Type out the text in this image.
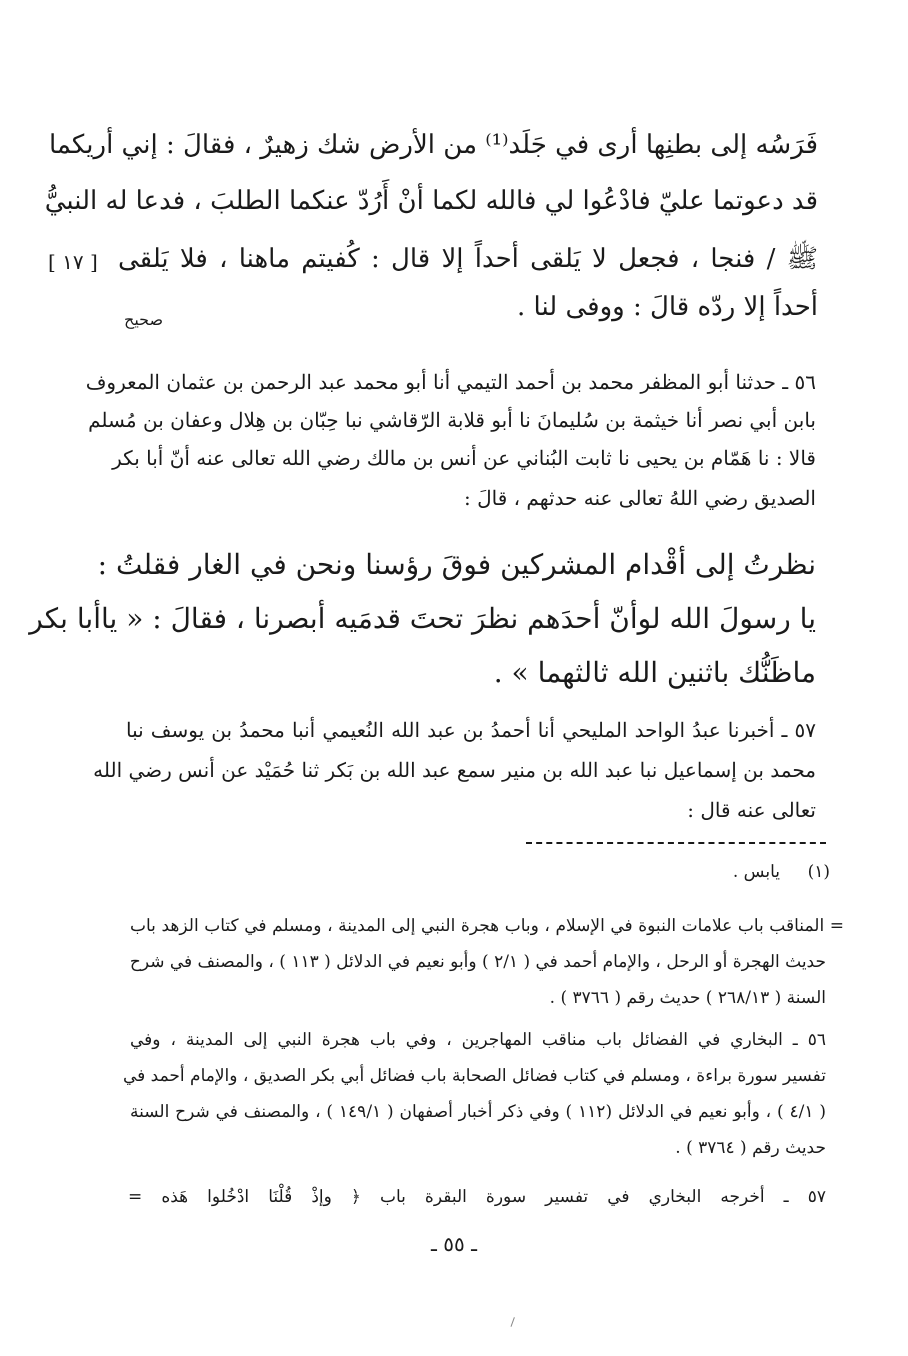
فَرَسُه إلى بطنِها أرى في جَلَد⁽¹⁾ من الأرض شك زهيرٌ ، فقالَ : إني أريكما
قد دعوتما عليّ فادْعُوا لي فالله لكما أنْ أَرُدّ عنكما الطلبَ ، فدعا له النبيُّ
ﷺ / فنجا ، فجعل لا يَلقى أحداً إلا قال : كُفيتم ماهنا ، فلا يَلقى
أحداً إلا ردّه قالَ : ووفى لنا .
[ ١٧ ]
صحيح
٥٦ ـ حدثنا أبو المظفر محمد بن أحمد التيمي أنا أبو محمد عبد الرحمن بن عثمان المعروف
بابن أبي نصر أنا خيثمة بن سُليمانَ نا أبو قلابة الرّقاشي نبا حِبّان بن هِلال وعفان بن مُسلم
قالا : نا هَمّام بن يحيى نا ثابت البُناني عن أنس بن مالك رضي الله تعالى عنه أنّ أبا بكر
الصديق رضي اللهُ تعالى عنه حدثهم ، قالَ :
نظرتُ إلى أقْدام المشركين فوقَ رؤسنا ونحن في الغار فقلتُ :
يا رسولَ الله لوأنّ أحدَهم نظرَ تحتَ قدمَيه أبصرنا ، فقالَ : « ياأبا بكر
ماظَنُّك باثنين الله ثالثهما » .
٥٧ ـ أخبرنا عبدُ الواحد المليحي أنا أحمدُ بن عبد الله النُعيمي أنبا محمدُ بن يوسف نبا
محمد بن إسماعيل نبا عبد الله بن منير سمع عبد الله بن بَكر ثنا حُمَيْد عن أنس رضي الله
تعالى عنه قال :
(١)
يابس .
= المناقب باب علامات النبوة في الإسلام ، وباب هجرة النبي إلى المدينة ، ومسلم في كتاب الزهد باب
حديث الهجرة أو الرحل ، والإمام أحمد في ( ٢/١ ) وأبو نعيم في الدلائل ( ١١٣ ) ، والمصنف في شرح
السنة ( ٢٦٨/١٣ ) حديث رقم ( ٣٧٦٦ ) .
٥٦ ـ البخاري في الفضائل باب مناقب المهاجرين ، وفي باب هجرة النبي إلى المدينة ، وفي
تفسير سورة براءة ، ومسلم في كتاب فضائل الصحابة باب فضائل أبي بكر الصديق ، والإمام أحمد في
( ٤/١ ) ، وأبو نعيم في الدلائل (١١٢ ) وفي ذكر أخبار أصفهان ( ١٤٩/١ ) ، والمصنف في شرح السنة
حديث رقم ( ٣٧٦٤ ) .
٥٧ ـ أخرجه البخاري في تفسير سورة البقرة باب ﴿ وإذْ قُلْنَا ادْخُلوا هَذه =
ـ ٥٥ ـ
